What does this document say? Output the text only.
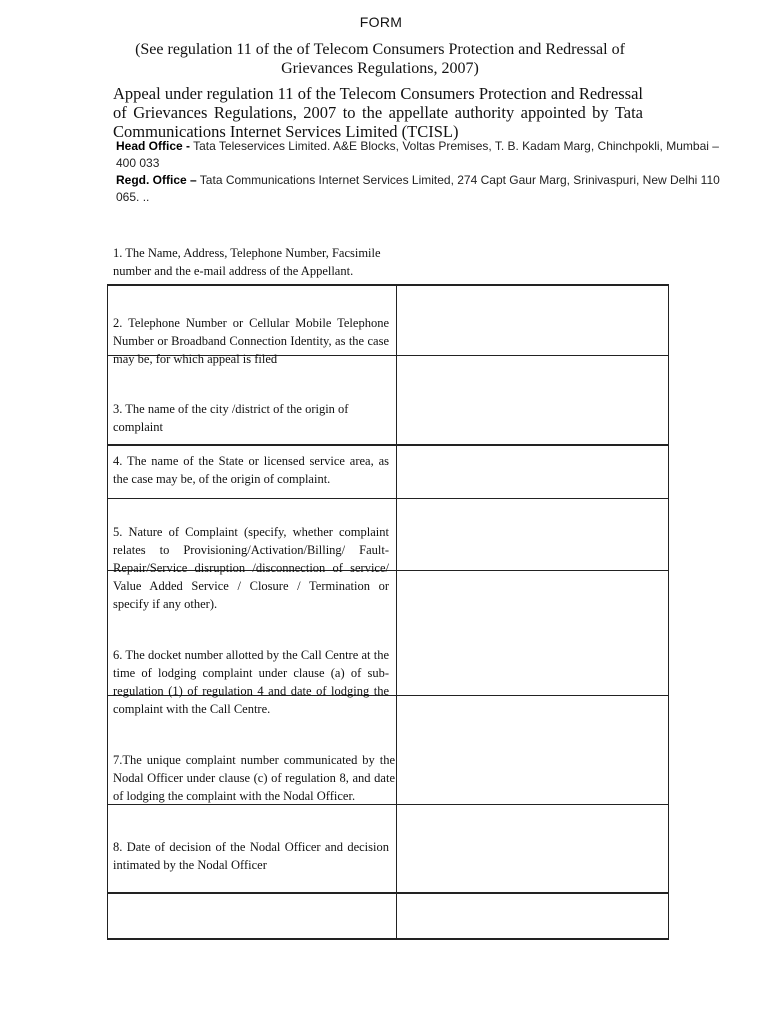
FORM
(See regulation 11 of the of Telecom Consumers Protection and Redressal of Grievances Regulations, 2007)
Appeal under regulation 11 of the Telecom Consumers Protection and Redressal of Grievances Regulations, 2007 to the appellate authority appointed by Tata Communications Internet Services Limited (TCISL)
Head Office - Tata Teleservices Limited. A&E Blocks, Voltas Premises, T. B. Kadam Marg, Chinchpokli, Mumbai – 400 033
Regd. Office – Tata Communications Internet Services Limited, 274 Capt Gaur Marg, Srinivaspuri, New Delhi 110 065. ..
1. The Name, Address, Telephone Number, Facsimile number and the e-mail address of the Appellant.
2. Telephone Number or Cellular Mobile Telephone Number or Broadband Connection Identity, as the case may be, for which appeal is filed
3. The name of the city /district of the origin of complaint
4. The name of the State or licensed service area, as the case may be, of the origin of complaint.
5. Nature of Complaint (specify, whether complaint relates to Provisioning/Activation/Billing/ Fault-Repair/Service disruption /disconnection of service/ Value Added Service / Closure / Termination or specify if any other).
6. The docket number allotted by the Call Centre at the time of lodging complaint under clause (a) of sub-regulation (1) of regulation 4 and date of lodging the complaint with the Call Centre.
7.The unique complaint number communicated by the Nodal Officer under clause (c) of regulation 8, and date of lodging the complaint with the Nodal Officer.
8. Date of decision of the Nodal Officer and decision intimated by the Nodal Officer
